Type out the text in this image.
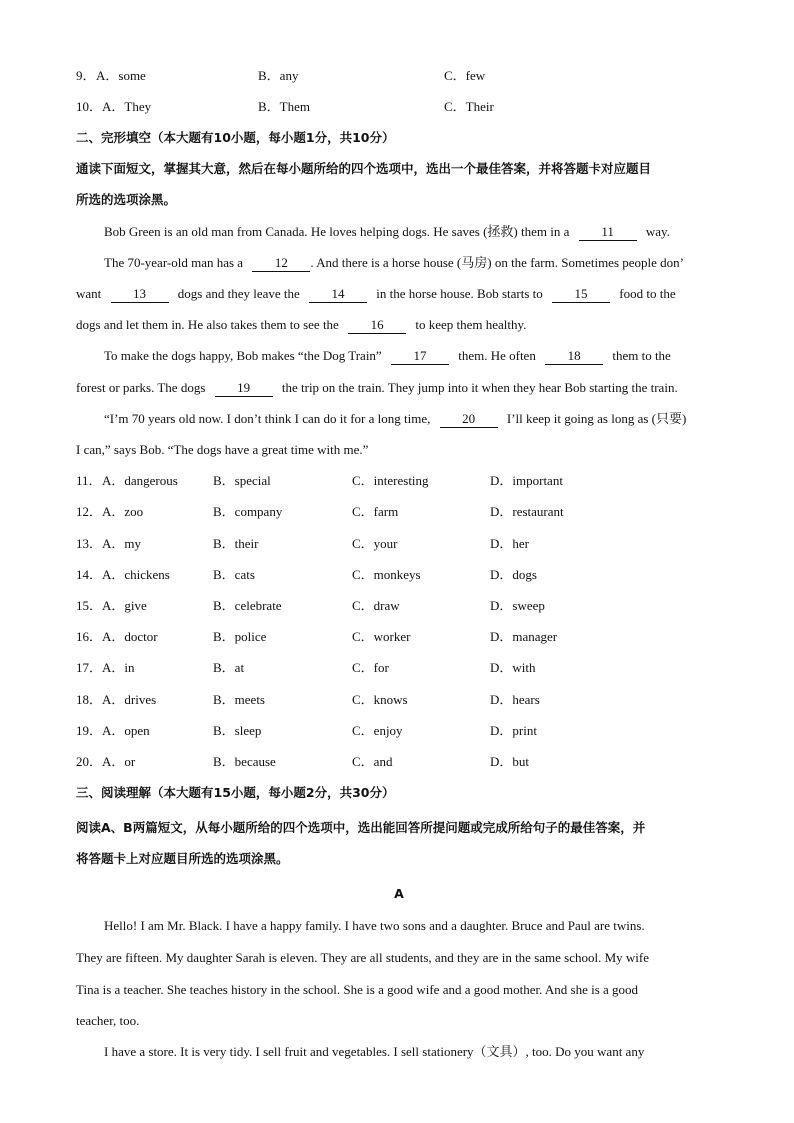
9． A．some	B．any	C．few
10． A．They	B．Them	C．Their
二、完形填空（本大题有10小题，每小题1分，共10分）
通读下面短文，掌握其大意，然后在每小题所给的四个选项中，选出一个最佳答案，并将答题卡对应题目
所选的选项涂黑。
Bob Green is an old man from Canada. He loves helping dogs. He saves (拯救) them in a 11 way.
The 70-year-old man has a 12 . And there is a horse house (马房) on the farm. Sometimes people don’
want 13 dogs and they leave the 14 in the horse house. Bob starts to 15 food to the
dogs and let them in. He also takes them to see the 16 to keep them healthy.
To make the dogs happy, Bob makes “the Dog Train” 17 them. He often 18 them to the
forest or parks. The dogs 19 the trip on the train. They jump into it when they hear Bob starting the train.
“I’m 70 years old now. I don’t think I can do it for a long time, 20 I’ll keep it going as long as (只要)
I can,” says Bob. “The dogs have a great time with me.”
11． A．dangerous	B．special	C．interesting	D．important
12． A．zoo	B．company	C．farm	D．restaurant
13． A．my	B．their	C．your	D．her
14． A．chickens	B．cats	C．monkeys	D．dogs
15． A．give	B．celebrate	C．draw	D．sweep
16． A．doctor	B．police	C．worker	D．manager
17． A．in	B．at	C．for	D．with
18． A．drives	B．meets	C．knows	D．hears
19． A．open	B．sleep	C．enjoy	D．print
20． A．or	B．because	C．and	D．but
三、阅读理解（本大题有15小题，每小题2分，共30分）
阅读A、B两篇短文，从每小题所给的四个选项中，选出能回答所提问题或完成所给句子的最佳答案，并
将答题卡上对应题目所选的选项涂黑。
A
Hello! I am Mr. Black. I have a happy family. I have two sons and a daughter. Bruce and Paul are twins.
They are fifteen. My daughter Sarah is eleven. They are all students, and they are in the same school. My wife
Tina is a teacher. She teaches history in the school. She is a good wife and a good mother. And she is a good
teacher, too.
I have a store. It is very tidy. I sell fruit and vegetables. I sell stationery（文具）, too. Do you want any
